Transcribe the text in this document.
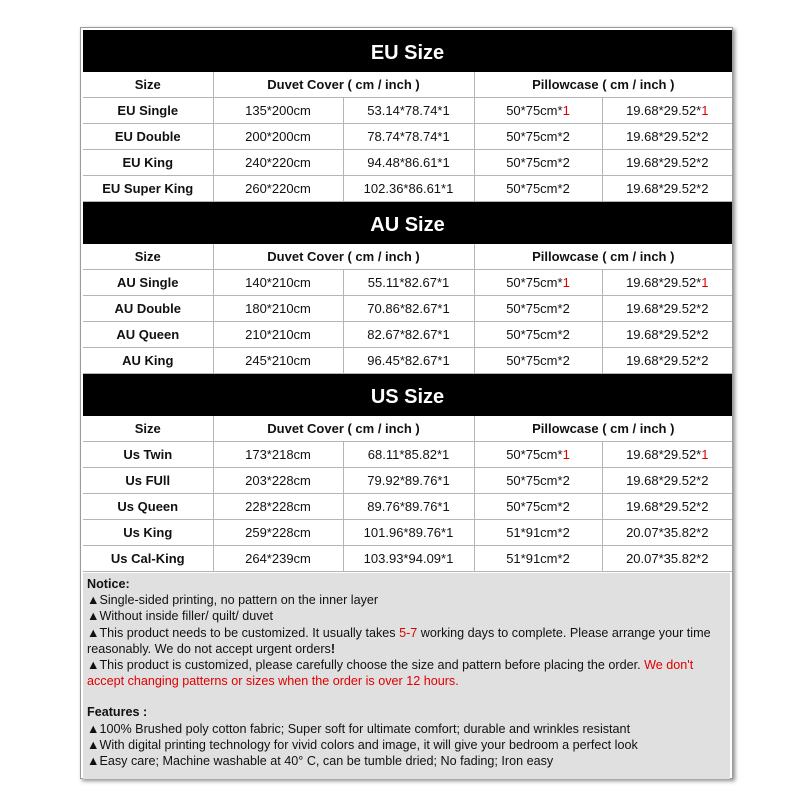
EU Size
Size	Duvet Cover ( cm / inch )		Pillowcase ( cm / inch )	
EU Single	135*200cm	53.14*78.74*1	50*75cm*1	19.68*29.52*1
EU Double	200*200cm	78.74*78.74*1	50*75cm*2	19.68*29.52*2
EU King	240*220cm	94.48*86.61*1	50*75cm*2	19.68*29.52*2
EU Super King	260*220cm	102.36*86.61*1	50*75cm*2	19.68*29.52*2
AU Size
Size	Duvet Cover ( cm / inch )		Pillowcase ( cm / inch )	
AU Single	140*210cm	55.11*82.67*1	50*75cm*1	19.68*29.52*1
AU Double	180*210cm	70.86*82.67*1	50*75cm*2	19.68*29.52*2
AU Queen	210*210cm	82.67*82.67*1	50*75cm*2	19.68*29.52*2
AU King	245*210cm	96.45*82.67*1	50*75cm*2	19.68*29.52*2
US Size
Size	Duvet Cover ( cm / inch )		Pillowcase ( cm / inch )	
Us Twin	173*218cm	68.11*85.82*1	50*75cm*1	19.68*29.52*1
Us FUll	203*228cm	79.92*89.76*1	50*75cm*2	19.68*29.52*2
Us Queen	228*228cm	89.76*89.76*1	50*75cm*2	19.68*29.52*2
Us King	259*228cm	101.96*89.76*1	51*91cm*2	20.07*35.82*2
Us Cal-King	264*239cm	103.93*94.09*1	51*91cm*2	20.07*35.82*2

Notice:

▲Single-sided printing, no pattern on the inner layer

▲Without inside filler/ quilt/ duvet

▲This product needs to be customized. It usually takes 5-7 working days to complete. Please arrange your time reasonably. We do not accept urgent orders!

▲This product is customized, please carefully choose the size and pattern before placing the order. We don't accept changing patterns or sizes when the order is over 12 hours.

Features :

▲100% Brushed poly cotton fabric; Super soft for ultimate comfort; durable and wrinkles resistant

▲With digital printing technology for vivid colors and image, it will give your bedroom a perfect look

▲Easy care; Machine washable at 40° C, can be tumble dried; No fading; Iron easy
